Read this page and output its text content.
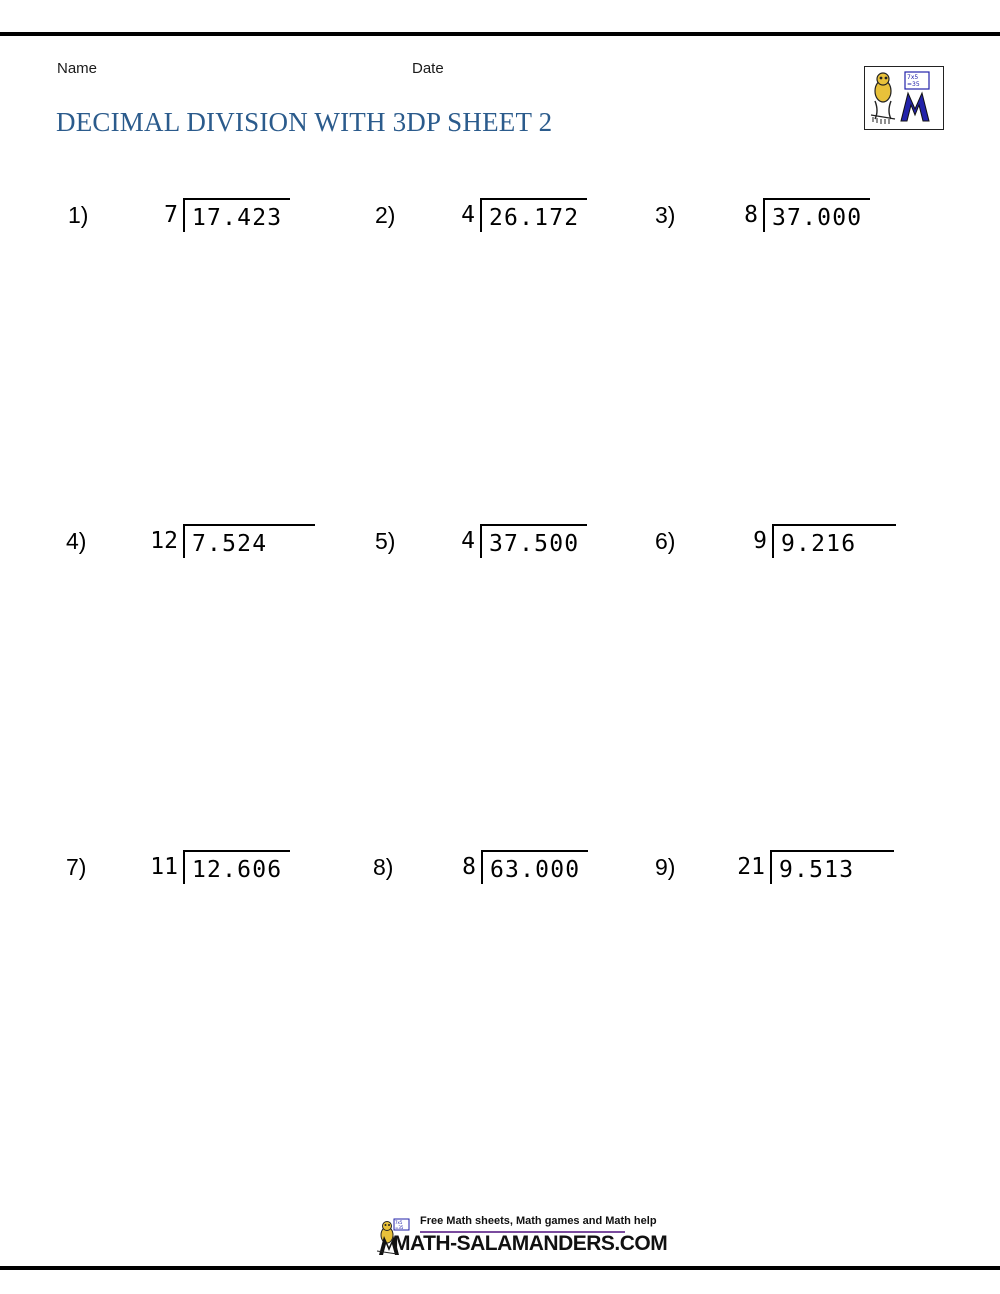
Name	Date
DECIMAL DIVISION WITH 3DP SHEET 2
7x5
=35
1)	7 17.423	2)	4 26.172	3)	8 37.000
4)	12 7.524	5)	4 37.500	6)	9 9.216
7)	11 12.606	8)	8 63.000	9)	21 9.513
7x5
=35
Free Math sheets, Math games and Math help
MATH-SALAMANDERS.COM
